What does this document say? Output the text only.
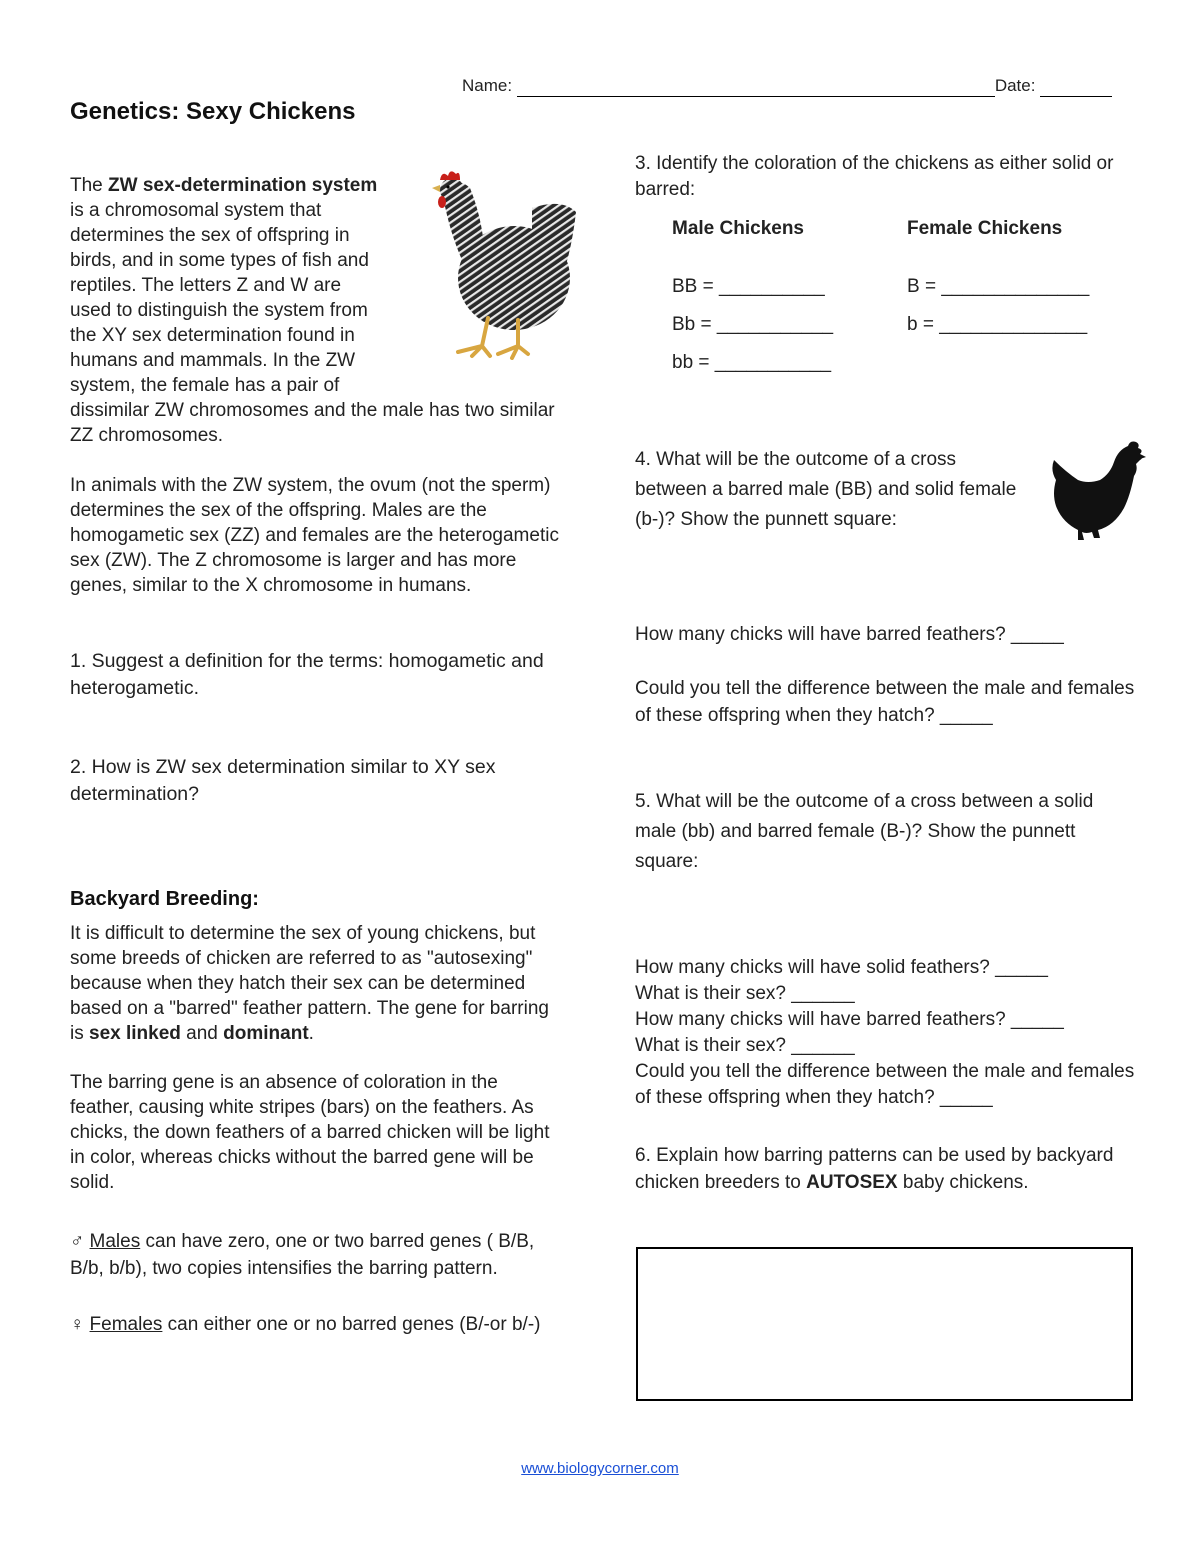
Name:	Date:
Genetics: Sexy Chickens

The ZW sex-determination system is a chromosomal system that determines the sex of offspring in birds, and in some types of fish and reptiles. The letters Z and W are used to distinguish the system from the XY sex determination found in humans and mammals. In the ZW system, the female has a pair of dissimilar ZW chromosomes and the male has two similar ZZ chromosomes.

In animals with the ZW system, the ovum (not the sperm) determines the sex of the offspring. Males are the homogametic sex (ZZ) and females are the heterogametic sex (ZW). The Z chromosome is larger and has more genes, similar to the X chromosome in humans.

1. Suggest a definition for the terms: homogametic and heterogametic.
2. How is ZW sex determination similar to XY sex determination?
Backyard Breeding:

It is difficult to determine the sex of young chickens, but some breeds of chicken are referred to as "autosexing" because when they hatch their sex can be determined based on a "barred" feather pattern. The gene for barring is sex linked and dominant.

The barring gene is an absence of coloration in the feather, causing white stripes (bars) on the feathers. As chicks, the down feathers of a barred chicken will be light in color, whereas chicks without the barred gene will be solid.

♂ Males can have zero, one or two barred genes ( B/B, B/b, b/b), two copies intensifies the barring pattern.

♀ Females can either one or no barred genes (B/-or b/-)

3. Identify the coloration of the chickens as either solid or barred:
Male Chickens
BB = __________
Bb = ___________
bb = ___________
Female Chickens
B = ______________
b = ______________
4. What will be the outcome of a cross between a barred male (BB) and solid female (b-)? Show the punnett square:
How many chicks will have barred feathers? _____
Could you tell the difference between the male and females of these offspring when they hatch? _____
5. What will be the outcome of a cross between a solid male (bb) and barred female (B-)? Show the punnett square:
How many chicks will have solid feathers? _____
What is their sex? ______
How many chicks will have barred feathers? _____
What is their sex? ______
Could you tell the difference between the male and females of these offspring when they hatch? _____
6. Explain how barring patterns can be used by backyard chicken breeders to AUTOSEX baby chickens.
www.biologycorner.com
